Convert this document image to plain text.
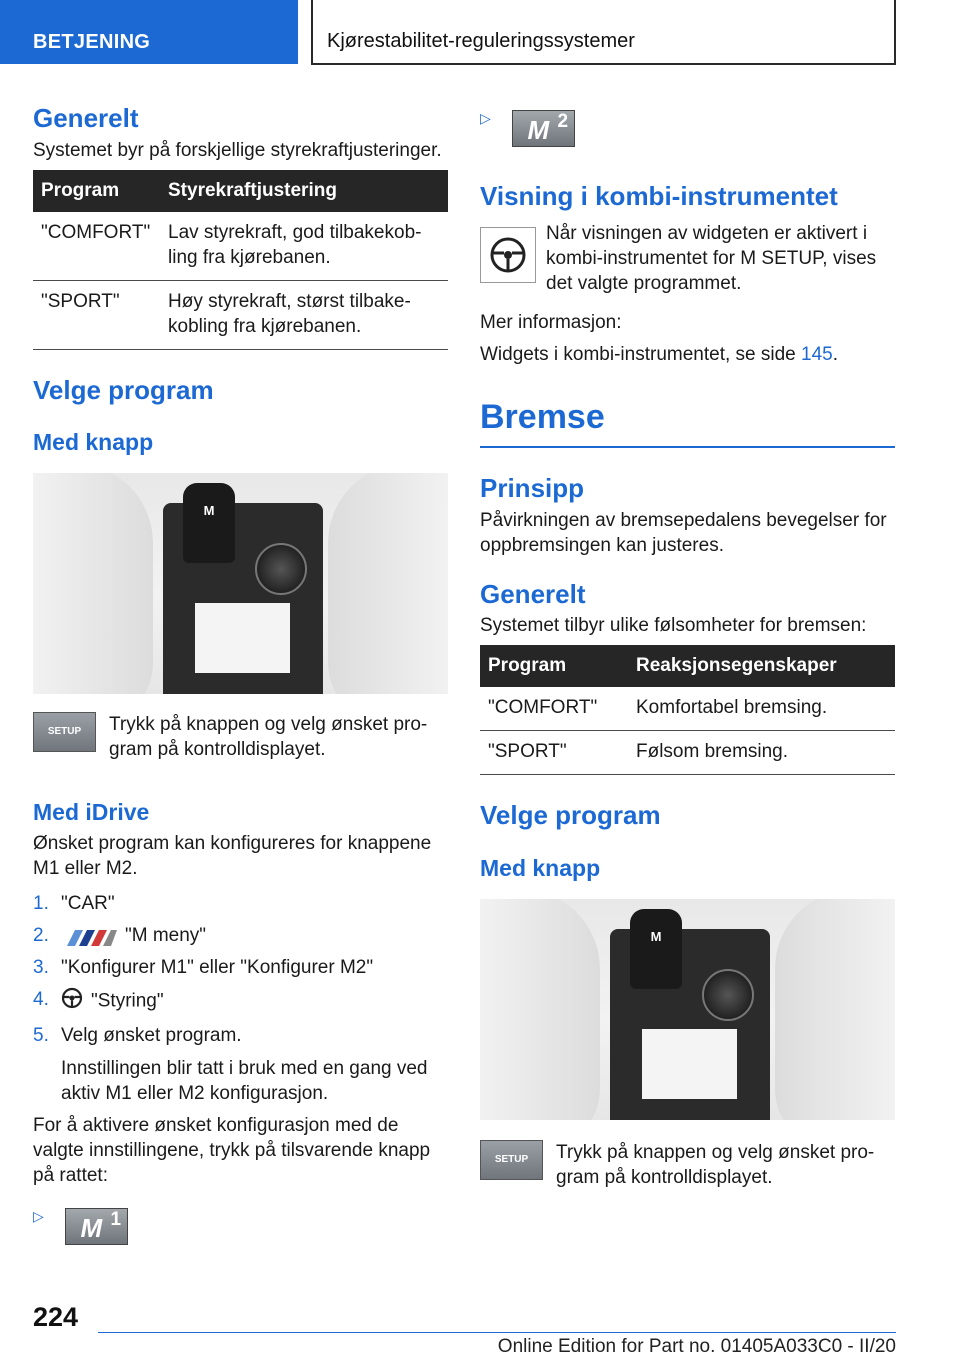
BETJENING	Kjørestabilitet-reguleringssystemer
Generelt

Systemet byr på forskjellige styrekraftjusteringer.

Program	Styrekraftjustering
"COMFORT"	Lav styrekraft, god tilbakekobling fra kjørebanen.
"SPORT"	Høy styrekraft, størst tilbakekobling fra kjørebanen.
Velge program
Med knapp
M
SETUP	Trykk på knappen og velg ønsket program på kontrolldisplayet.

Med iDrive

Ønsket program kan konfigureres for knappene M1 eller M2.

1. "CAR"
2.	"M meny"
3. "Konfigurer M1" eller "Konfigurer M2"
4. "Styring"
5. Velg ønsket program.

Innstillingen blir tatt i bruk med en gang ved aktiv M1 eller M2 konfigurasjon.

For å aktivere ønsket konfigurasjon med de valgte innstillingene, trykk på tilsvarende knapp på rattet:

▷ M 1
▷ M 2
Visning i kombi-instrumentet

Når visningen av widgeten er aktivert i kombi-instrumentet for M SETUP, vises det valgte programmet.

Mer informasjon:

Widgets i kombi-instrumentet, se side 145.

Bremse
Prinsipp

Påvirkningen av bremsepedalens bevegelser for oppbremsingen kan justeres.

Generelt

Systemet tilbyr ulike følsomheter for bremsen:

Program	Reaksjonsegenskaper
"COMFORT"	Komfortabel bremsing.
"SPORT"	Følsom bremsing.
Velge program
Med knapp
M
SETUP	Trykk på knappen og velg ønsket program på kontrolldisplayet.

224
Online Edition for Part no. 01405A033C0 - II/20
